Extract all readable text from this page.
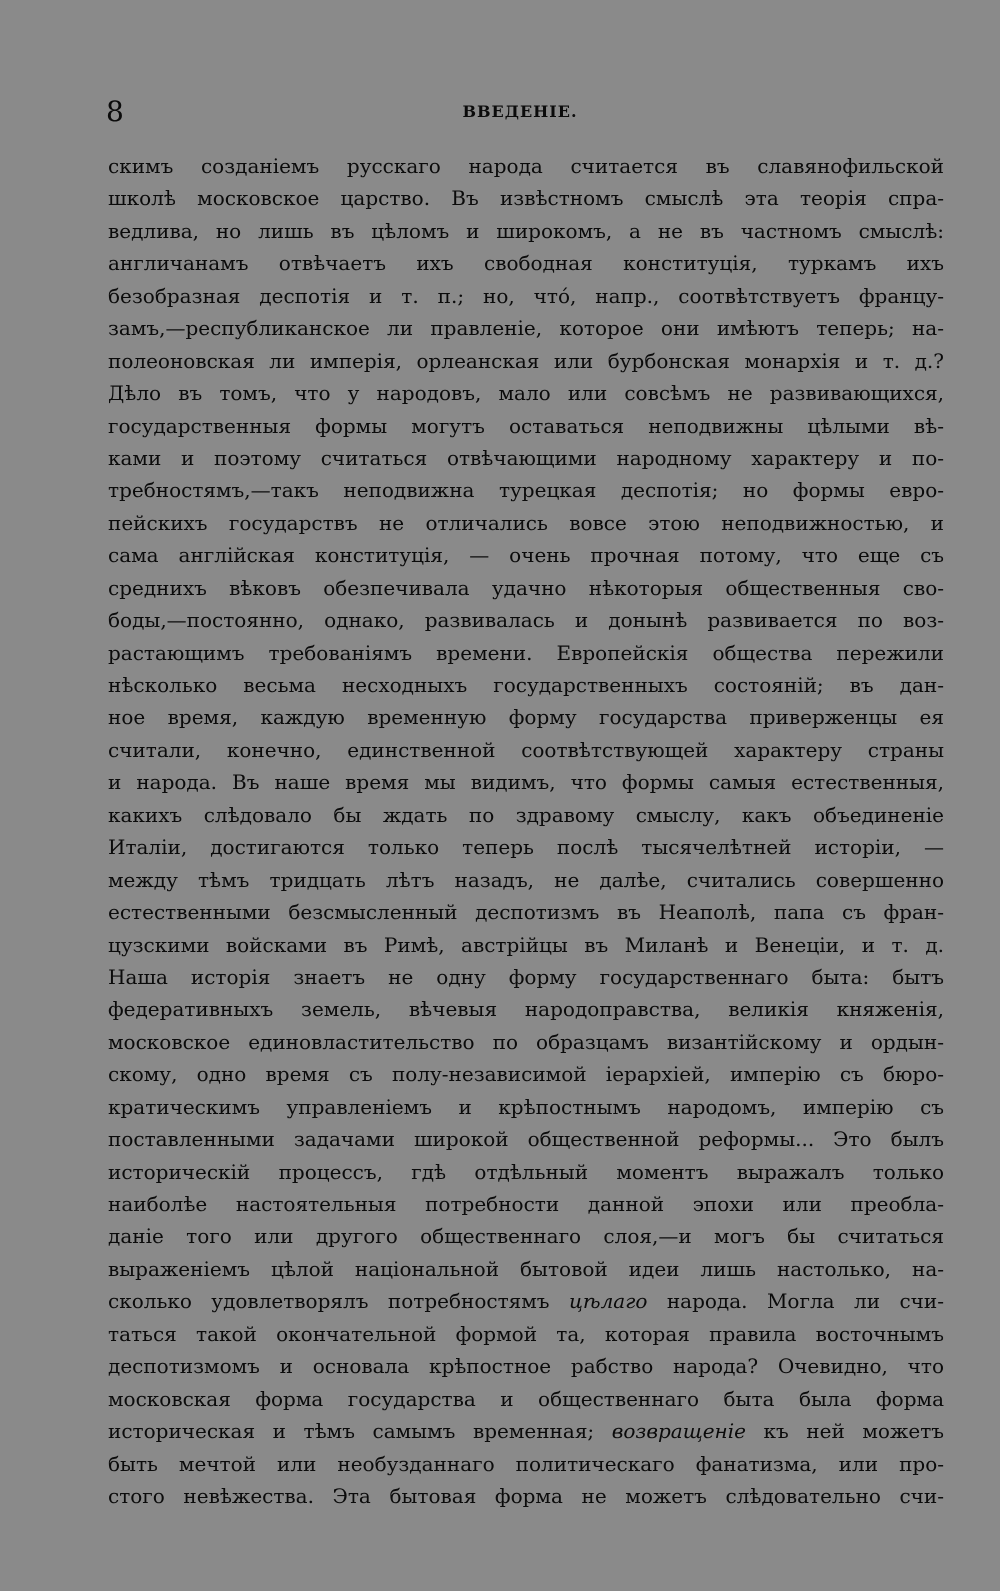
8	ВВЕДЕНІЕ.
скимъ созданіемъ русскаго народа считается въ славянофильской
школѣ московское царство. Въ извѣстномъ смыслѣ эта теорія спра-
ведлива, но лишь въ цѣломъ и широкомъ, а не въ частномъ смыслѣ:
англичанамъ отвѣчаетъ ихъ свободная конституція, туркамъ ихъ
безобразная деспотія и т. п.; но, что́, напр., соотвѣтствуетъ францу-
замъ,—республиканское ли правленіе, которое они имѣютъ теперь; на-
полеоновская ли имперія, орлеанская или бурбонская монархія и т. д.?
Дѣло въ томъ, что у народовъ, мало или совсѣмъ не развивающихся,
государственныя формы могутъ оставаться неподвижны цѣлыми вѣ-
ками и поэтому считаться отвѣчающими народному характеру и по-
требностямъ,—такъ неподвижна турецкая деспотія; но формы евро-
пейскихъ государствъ не отличались вовсе этою неподвижностью, и
сама англійская конституція, — очень прочная потому, что еще съ
среднихъ вѣковъ обезпечивала удачно нѣкоторыя общественныя сво-
боды,—постоянно, однако, развивалась и донынѣ развивается по воз-
растающимъ требованіямъ времени. Европейскія общества пережили
нѣсколько весьма несходныхъ государственныхъ состояній; въ дан-
ное время, каждую временную форму государства приверженцы ея
считали, конечно, единственной соотвѣтствующей характеру страны
и народа. Въ наше время мы видимъ, что формы самыя естественныя,
какихъ слѣдовало бы ждать по здравому смыслу, какъ объединеніе
Италіи, достигаются только теперь послѣ тысячелѣтней исторіи, —
между тѣмъ тридцать лѣтъ назадъ, не далѣе, считались совершенно
естественными безсмысленный деспотизмъ въ Неаполѣ, папа съ фран-
цузскими войсками въ Римѣ, австрійцы въ Миланѣ и Венеціи, и т. д.
Наша исторія знаетъ не одну форму государственнаго быта: бытъ
федеративныхъ земель, вѣчевыя народоправства, великія княженія,
московское единовластительство по образцамъ византійскому и ордын-
скому, одно время съ полу-независимой іерархіей, имперію съ бюро-
кратическимъ управленіемъ и крѣпостнымъ народомъ, имперію съ
поставленными задачами широкой общественной реформы... Это былъ
историческій процессъ, гдѣ отдѣльный моментъ выражалъ только
наиболѣе настоятельныя потребности данной эпохи или преобла-
даніе того или другого общественнаго слоя,—и могъ бы считаться
выраженіемъ цѣлой національной бытовой идеи лишь настолько, на-
сколько удовлетворялъ потребностямъ цѣлаго народа. Могла ли счи-
таться такой окончательной формой та, которая правила восточнымъ
деспотизмомъ и основала крѣпостное рабство народа? Очевидно, что
московская форма государства и общественнаго быта была форма
историческая и тѣмъ самымъ временная; возвращеніе къ ней можетъ
быть мечтой или необузданнаго политическаго фанатизма, или про-
стого невѣжества. Эта бытовая форма не можетъ слѣдовательно счи-
